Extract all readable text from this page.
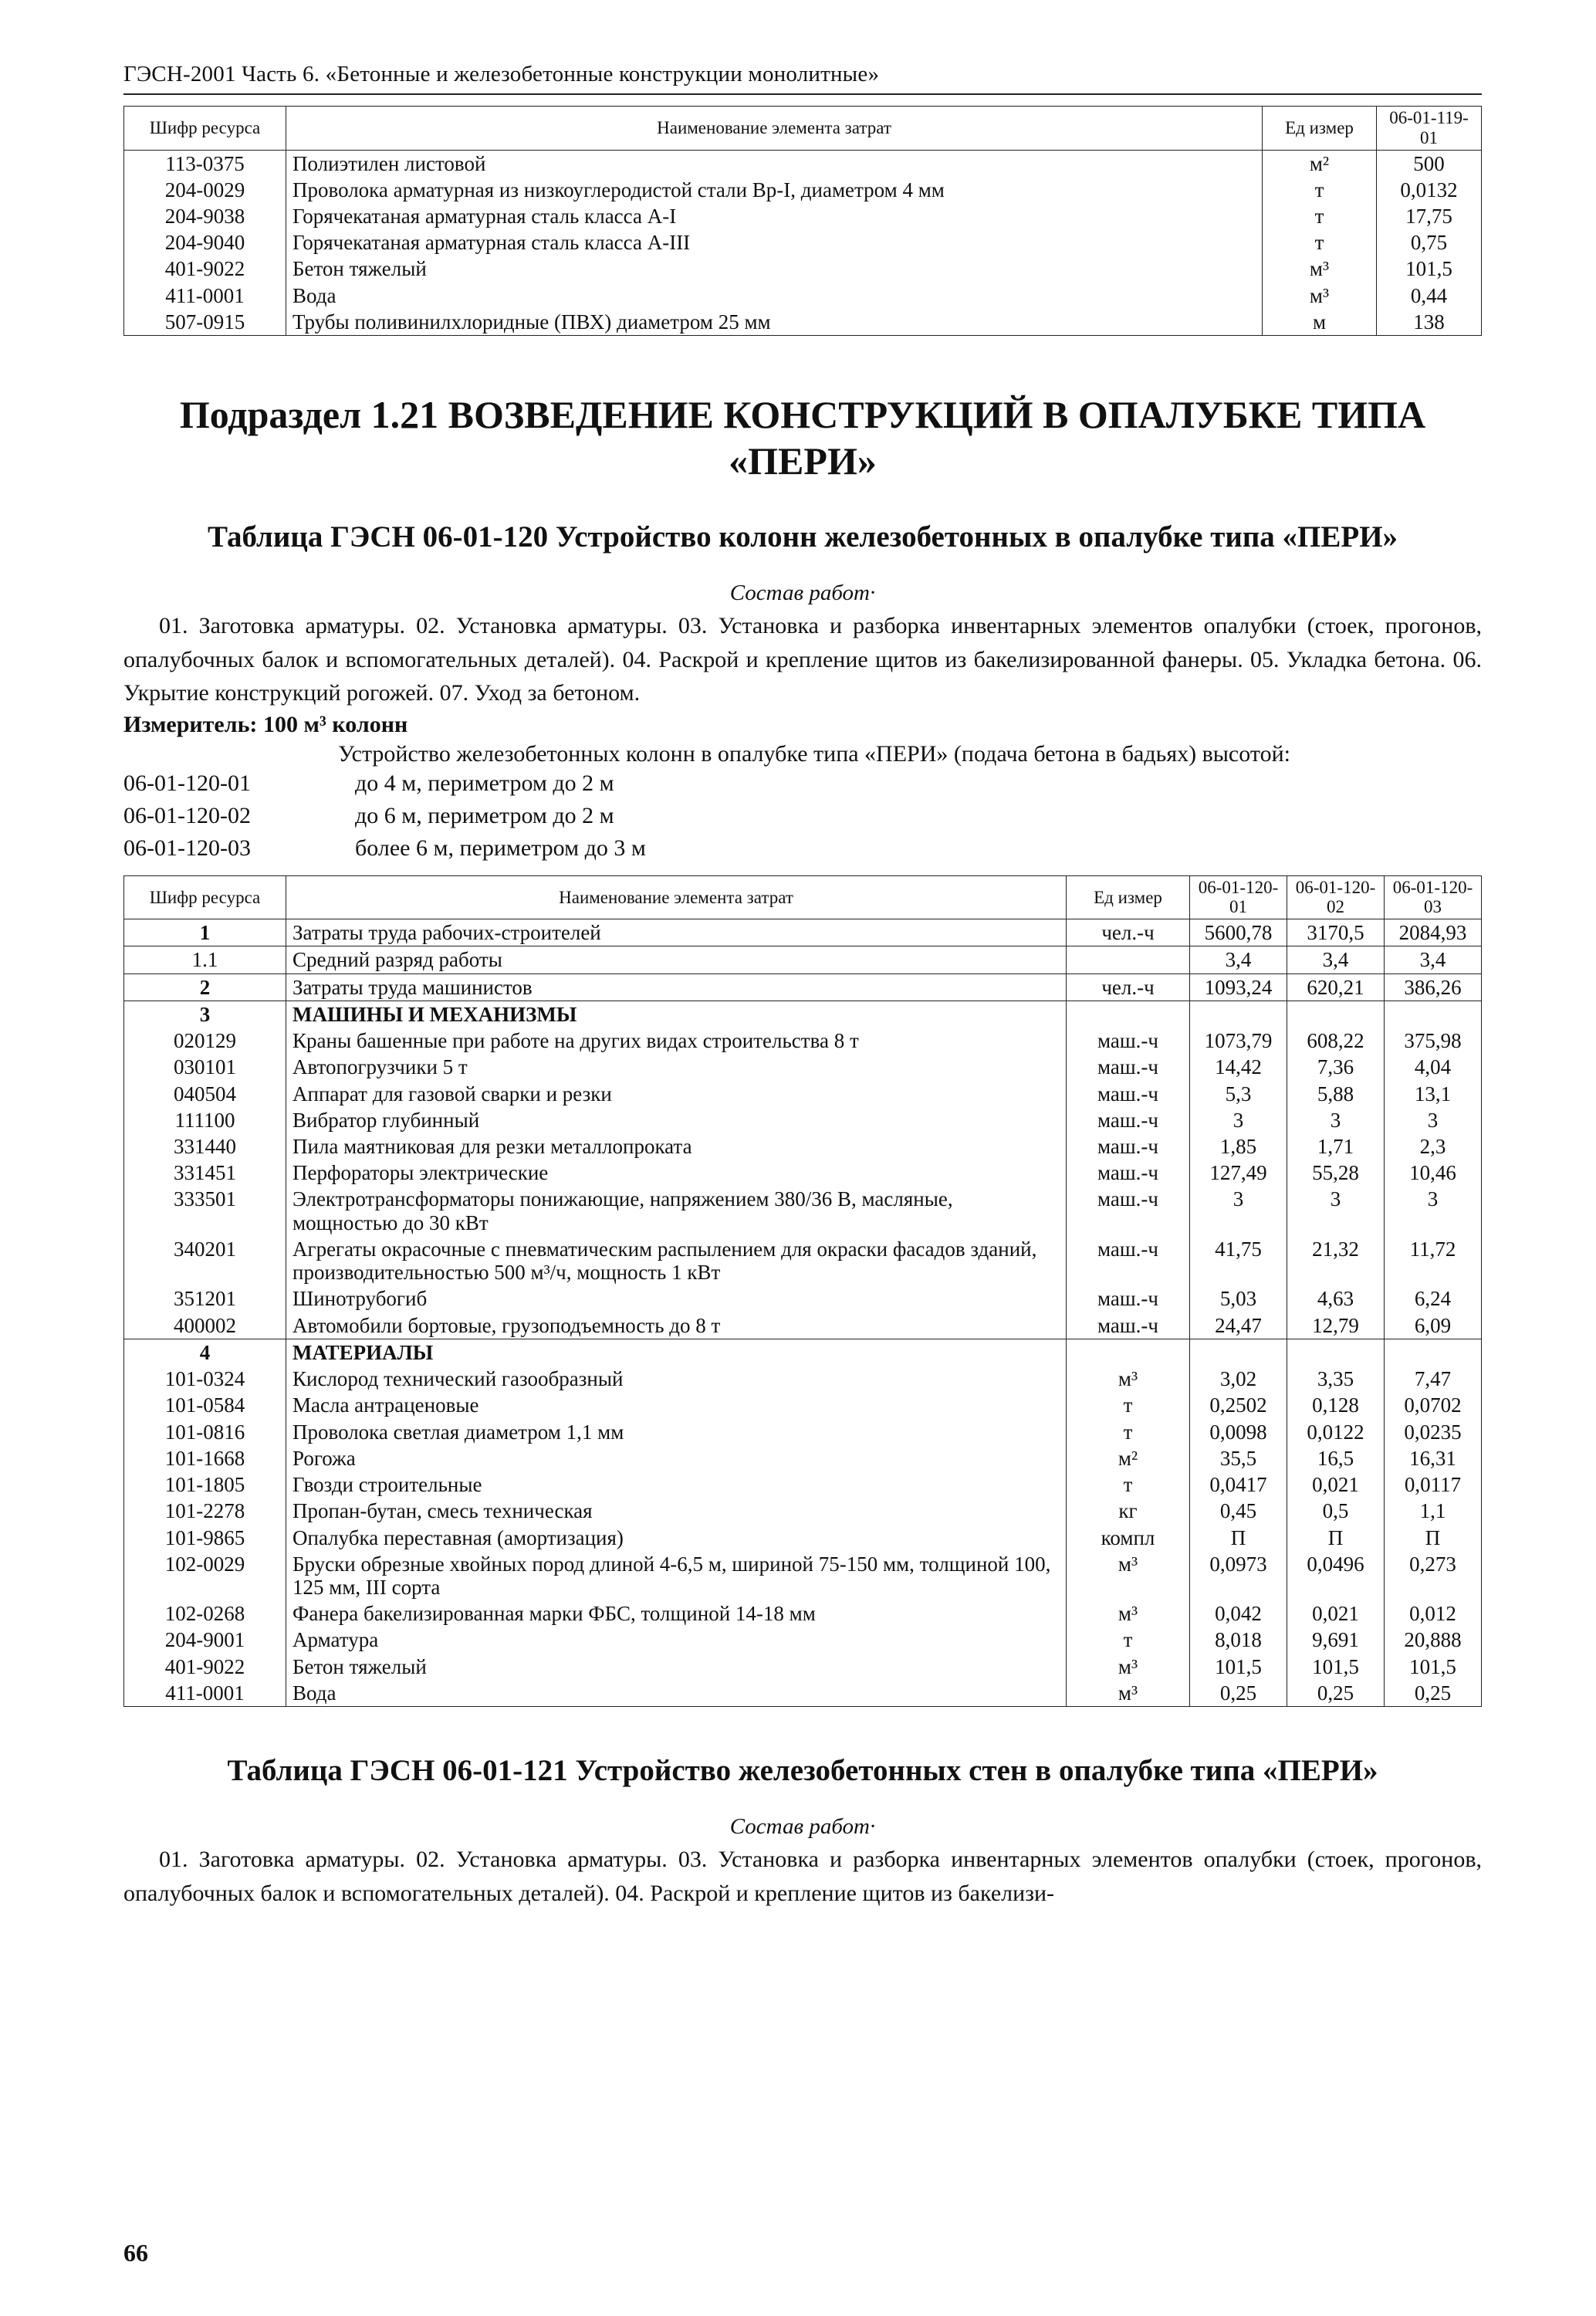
ГЭСН-2001 Часть 6. «Бетонные и железобетонные конструкции монолитные»
Шифр ресурса	Наименование элемента затрат	Ед измер	06-01-119-01
113-0375	Полиэтилен листовой	м²	500
204-0029	Проволока арматурная из низкоуглеродистой стали Вр-I, диаметром 4 мм	т	0,0132
204-9038	Горячекатаная арматурная сталь класса А-I	т	17,75
204-9040	Горячекатаная арматурная сталь класса А-III	т	0,75
401-9022	Бетон тяжелый	м³	101,5
411-0001	Вода	м³	0,44
507-0915	Трубы поливинилхлоридные (ПВХ) диаметром 25 мм	м	138
Подраздел 1.21 ВОЗВЕДЕНИЕ КОНСТРУКЦИЙ В ОПАЛУБКЕ ТИПА «ПЕРИ»
Таблица ГЭСН 06-01-120 Устройство колонн железобетонных в опалубке типа «ПЕРИ»
Состав работ·

01. Заготовка арматуры. 02. Установка арматуры. 03. Установка и разборка инвентарных элементов опалубки (стоек, прогонов, опалубочных балок и вспомогательных деталей). 04. Раскрой и крепление щитов из бакелизированной фанеры. 05. Укладка бетона. 06. Укрытие конструкций рогожей. 07. Уход за бетоном.

Измеритель: 100 м³ колонн
Устройство железобетонных колонн в опалубке типа «ПЕРИ» (подача бетона в бадьях) высотой:
06-01-120-01	до 4 м, периметром до 2 м
06-01-120-02	до 6 м, периметром до 2 м
06-01-120-03	более 6 м, периметром до 3 м
Шифр ресурса	Наименование элемента затрат	Ед измер	06-01-120-01	06-01-120-02	06-01-120-03
1	Затраты труда рабочих-строителей	чел.-ч	5600,78	3170,5	2084,93
1.1	Средний разряд работы		3,4	3,4	3,4
2	Затраты труда машинистов	чел.-ч	1093,24	620,21	386,26
3	МАШИНЫ И МЕХАНИЗМЫ				
020129	Краны башенные при работе на других видах строительства 8 т	маш.-ч	1073,79	608,22	375,98
030101	Автопогрузчики 5 т	маш.-ч	14,42	7,36	4,04
040504	Аппарат для газовой сварки и резки	маш.-ч	5,3	5,88	13,1
111100	Вибратор глубинный	маш.-ч	3	3	3
331440	Пила маятниковая для резки металлопроката	маш.-ч	1,85	1,71	2,3
331451	Перфораторы электрические	маш.-ч	127,49	55,28	10,46
333501	Электротрансформаторы понижающие, напряжением 380/36 В, масляные, мощностью до 30 кВт	маш.-ч	3	3	3
340201	Агрегаты окрасочные с пневматическим распылением для окраски фасадов зданий, производительностью 500 м³/ч, мощность 1 кВт	маш.-ч	41,75	21,32	11,72
351201	Шинотрубогиб	маш.-ч	5,03	4,63	6,24
400002	Автомобили бортовые, грузоподъемность до 8 т	маш.-ч	24,47	12,79	6,09
4	МАТЕРИАЛЫ				
101-0324	Кислород технический газообразный	м³	3,02	3,35	7,47
101-0584	Масла антраценовые	т	0,2502	0,128	0,0702
101-0816	Проволока светлая диаметром 1,1 мм	т	0,0098	0,0122	0,0235
101-1668	Рогожа	м²	35,5	16,5	16,31
101-1805	Гвозди строительные	т	0,0417	0,021	0,0117
101-2278	Пропан-бутан, смесь техническая	кг	0,45	0,5	1,1
101-9865	Опалубка переставная (амортизация)	компл	П	П	П
102-0029	Бруски обрезные хвойных пород длиной 4-6,5 м, шириной 75-150 мм, толщиной 100, 125 мм, III сорта	м³	0,0973	0,0496	0,273
102-0268	Фанера бакелизированная марки ФБС, толщиной 14-18 мм	м³	0,042	0,021	0,012
204-9001	Арматура	т	8,018	9,691	20,888
401-9022	Бетон тяжелый	м³	101,5	101,5	101,5
411-0001	Вода	м³	0,25	0,25	0,25
Таблица ГЭСН 06-01-121 Устройство железобетонных стен в опалубке типа «ПЕРИ»
Состав работ·

01. Заготовка арматуры. 02. Установка арматуры. 03. Установка и разборка инвентарных элементов опалубки (стоек, прогонов, опалубочных балок и вспомогательных деталей). 04. Раскрой и крепление щитов из бакелизи-

66
